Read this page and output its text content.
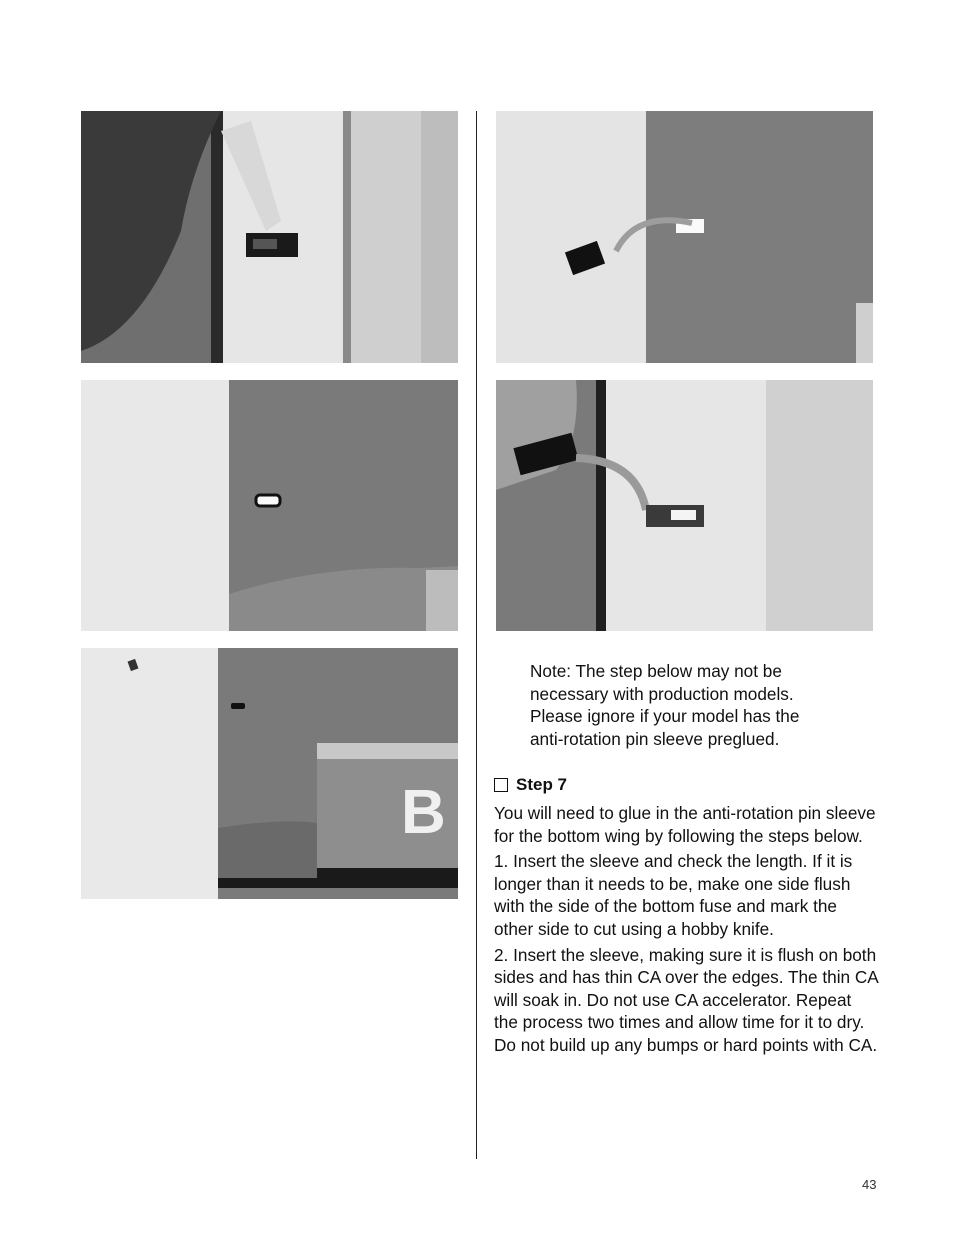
B

Note: The step below may not be

necessary with production models.

Please ignore if your model has the

anti-rotation pin sleeve preglued.

Step 7

You will need to glue in the anti-rotation pin sleeve for the bottom wing by following the steps below.

1. Insert the sleeve and check the length. If it is longer than it needs to be, make one side flush with the side of the bottom fuse and mark the other side to cut using a hobby knife.

2. Insert the sleeve, making sure it is flush on both sides and has thin CA over the edges. The thin CA will soak in. Do not use CA accelerator. Repeat the process two times and allow time for it to dry. Do not build up any bumps or hard points with CA.

43
